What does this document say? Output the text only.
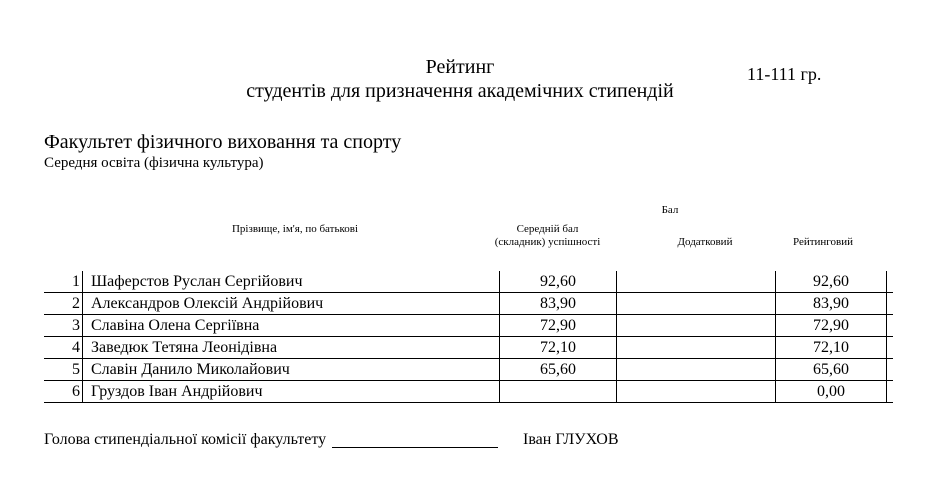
Рейтинг
студентів для призначення академічних стипендій
11-111 гр.
Факультет фізичного виховання та спорту
Середня освіта (фізична культура)
Бал
Прізвище, ім'я, по батькові	Середній бал (складник) успішності	Додатковий	Рейтинговий
1	Шаферстов Руслан Сергійович	92,60		92,60	
2	Александров Олексій Андрійович	83,90		83,90	
3	Славіна Олена Сергіївна	72,90		72,90	
4	Заведюк Тетяна Леонідівна	72,10		72,10	
5	Славін Данило Миколайович	65,60		65,60	
6	Груздов Іван Андрійович			0,00	
Голова стипендіальної комісії факультету	Іван ГЛУХОВ
